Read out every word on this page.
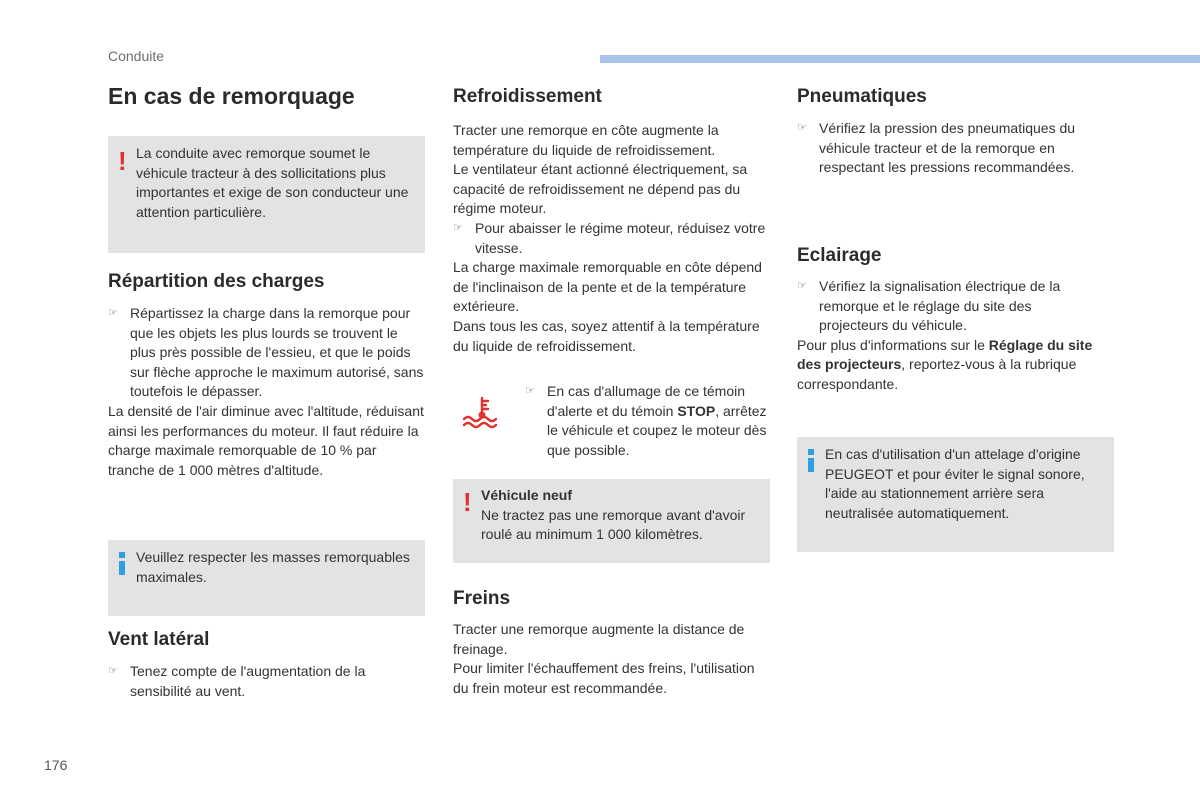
Conduite
En cas de remorquage
! La conduite avec remorque soumet le véhicule tracteur à des sollicitations plus importantes et exige de son conducteur une attention particulière.
Répartition des charges

☞ Répartissez la charge dans la remorque pour que les objets les plus lourds se trouvent le plus près possible de l'essieu, et que le poids sur flèche approche le maximum autorisé, sans toutefois le dépasser.

La densité de l'air diminue avec l'altitude, réduisant ainsi les performances du moteur. Il faut réduire la charge maximale remorquable de 10 % par tranche de 1 000 mètres d'altitude.

Veuillez respecter les masses remorquables maximales.
Vent latéral

☞ Tenez compte de l'augmentation de la sensibilité au vent.

Refroidissement

Tracter une remorque en côte augmente la température du liquide de refroidissement.

Le ventilateur étant actionné électriquement, sa capacité de refroidissement ne dépend pas du régime moteur.

☞ Pour abaisser le régime moteur, réduisez votre vitesse.

La charge maximale remorquable en côte dépend de l'inclinaison de la pente et de la température extérieure.

Dans tous les cas, soyez attentif à la température du liquide de refroidissement.

☞ En cas d'allumage de ce témoin d'alerte et du témoin STOP, arrêtez le véhicule et coupez le moteur dès que possible.

! Véhicule neuf
Ne tractez pas une remorque avant d'avoir roulé au minimum 1 000 kilomètres.
Freins

Tracter une remorque augmente la distance de freinage.

Pour limiter l'échauffement des freins, l'utilisation du frein moteur est recommandée.

Pneumatiques

☞ Vérifiez la pression des pneumatiques du véhicule tracteur et de la remorque en respectant les pressions recommandées.

Eclairage

☞ Vérifiez la signalisation électrique de la remorque et le réglage du site des projecteurs du véhicule.

Pour plus d'informations sur le Réglage du site des projecteurs, reportez-vous à la rubrique correspondante.

En cas d'utilisation d'un attelage d'origine PEUGEOT et pour éviter le signal sonore, l'aide au stationnement arrière sera neutralisée automatiquement.
176
